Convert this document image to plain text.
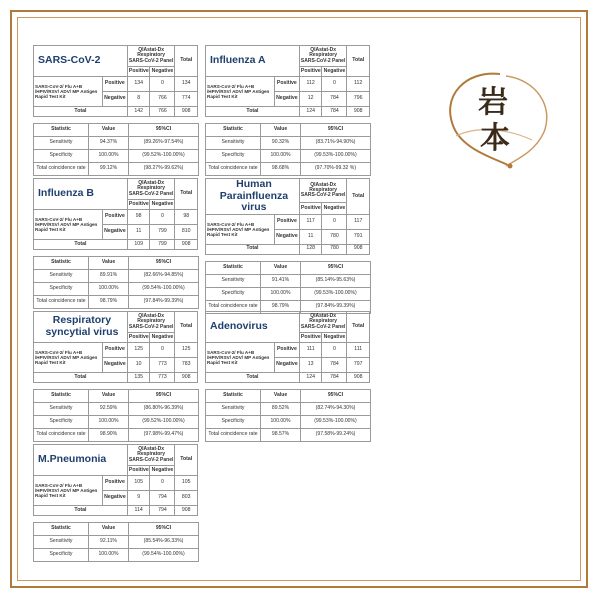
SARS-CoV-2		QIAstat-Dx Respiratory SARS-CoV-2 Panel		Total
		Positive	Negative	
SARS-CoV-2/ Flu A+B /HPIV/RSV/ ADV/ MP Antigen Rapid Test Kit	Positive	134	0	134
	Negative	8	766	774
Total		142	766	908
Statistic	Value	95%CI
Sensitivity	94.37%	(89.26%-97.54%)
Specificity	100.00%	(99.52%-100.00%)
Total coincidence rate	99.12%	(98.27%-99.62%)
Influenza A		QIAstat-Dx Respiratory SARS-CoV-2 Panel		Total
		Positive	Negative	
SARS-CoV-2/ Flu A+B /HPIV/RSV/ ADV/ MP Antigen Rapid Test Kit	Positive	112	0	112
	Negative	12	784	796
Total		124	784	908
Statistic	Value	95%CI
Sensitivity	90.32%	(83.71%-94.90%)
Specificity	100.00%	(99.53%-100.00%)
Total coincidence rate	98.68%	(97.70%-99.32 %)
Influenza B		QIAstat-Dx Respiratory SARS-CoV-2 Panel		Total
		Positive	Negative	
SARS-CoV-2/ Flu A+B /HPIV/RSV/ ADV/ MP Antigen Rapid Test Kit	Positive	98	0	98
	Negative	11	799	810
Total		109	799	908
Statistic	Value	95%CI
Sensitivity	89.91%	(82.66%-94.85%)
Specificity	100.00%	(99.54%-100.00%)
Total coincidence rate	98.79%	(97.84%-99.39%)
Human Parainfluenza virus		QIAstat-Dx Respiratory SARS-CoV-2 Panel		Total
		Positive	Negative	
SARS-CoV-2/ Flu A+B /HPIV/RSV/ ADV/ MP Antigen Rapid Test Kit	Positive	117	0	117
	Negative	11	780	791
Total		128	780	908
Statistic	Value	95%CI
Sensitivity	91.41%	(85.14%-95.63%)
Specificity	100.00%	(99.53%-100.00%)
Total coincidence rate	98.79%	(97.84%-99.39%)
Respiratory syncytial virus		QIAstat-Dx Respiratory SARS-CoV-2 Panel		Total
		Positive	Negative	
SARS-CoV-2/ Flu A+B /HPIV/RSV/ ADV/ MP Antigen Rapid Test Kit	Positive	125	0	125
	Negative	10	773	783
Total		135	773	908
Statistic	Value	95%CI
Sensitivity	92.59%	(86.80%-96.39%)
Specificity	100.00%	(99.52%-100.00%)
Total coincidence rate	98.90%	(97.98%-99.47%)
Adenovirus		QIAstat-Dx Respiratory SARS-CoV-2 Panel		Total
		Positive	Negative	
SARS-CoV-2/ Flu A+B /HPIV/RSV/ ADV/ MP Antigen Rapid Test Kit	Positive	111	0	111
	Negative	13	784	797
Total		124	784	908
Statistic	Value	95%CI
Sensitivity	89.52%	(82.74%-94.30%)
Specificity	100.00%	(99.53%-100.00%)
Total coincidence rate	98.57%	(97.58%-99.24%)
M.Pneumonia		QIAstat-Dx Respiratory SARS-CoV-2 Panel		Total
		Positive	Negative	
SARS-CoV-2/ Flu A+B /HPIV/RSV/ ADV/ MP Antigen Rapid Test Kit	Positive	105	0	105
	Negative	9	794	803
Total		114	794	908
Statistic	Value	95%CI
Sensitivity	92.11%	(85.54%-96.33%)
Specificity	100.00%	(99.54%-100.00%)
岩
本
